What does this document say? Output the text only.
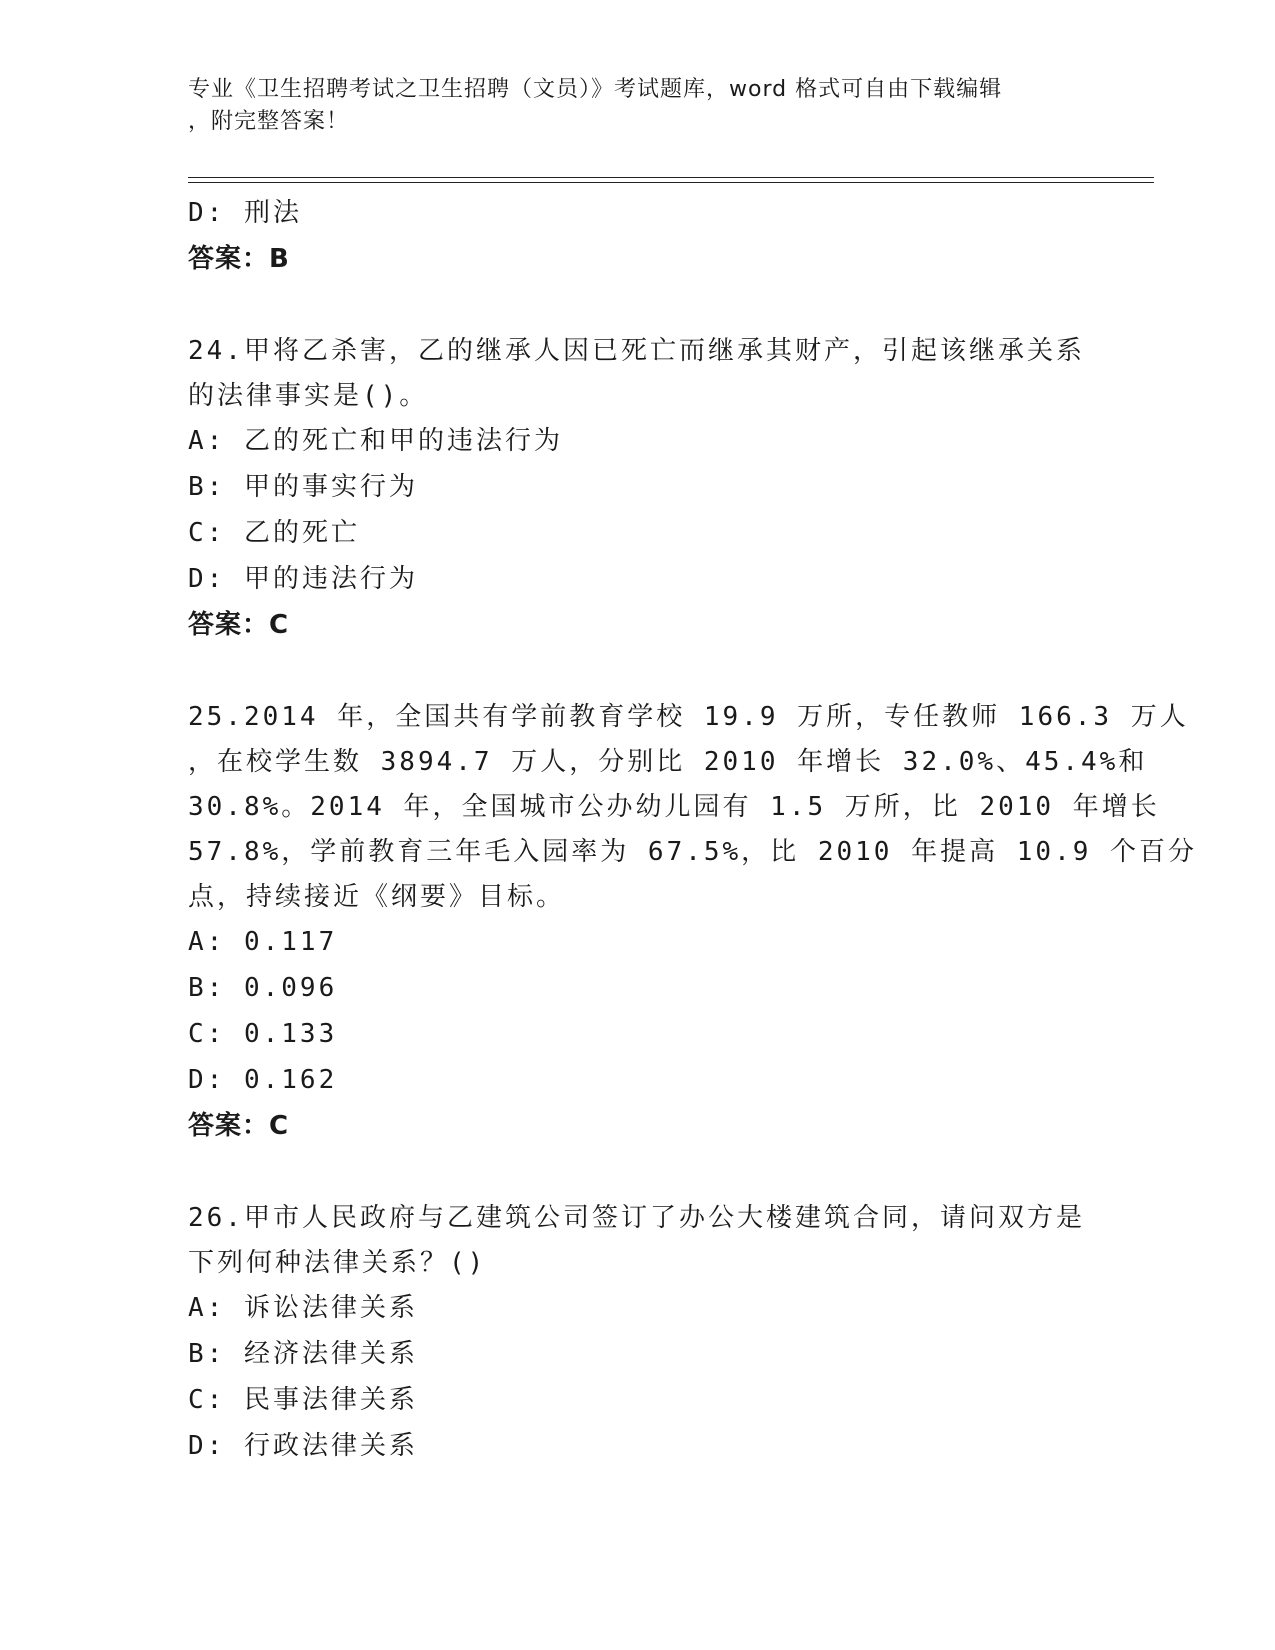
专业《卫生招聘考试之卫生招聘（文员）》考试题库，word 格式可自由下载编辑
，附完整答案！
D: 刑法
答案：B
24.甲将乙杀害，乙的继承人因已死亡而继承其财产，引起该继承关系
的法律事实是()。
A: 乙的死亡和甲的违法行为
B: 甲的事实行为
C: 乙的死亡
D: 甲的违法行为
答案：C
25.2014 年，全国共有学前教育学校 19.9 万所，专任教师 166.3 万人
，在校学生数 3894.7 万人，分别比 2010 年增长 32.0%、45.4%和
30.8%。2014 年，全国城市公办幼儿园有 1.5 万所，比 2010 年增长
57.8%，学前教育三年毛入园率为 67.5%，比 2010 年提高 10.9 个百分
点，持续接近《纲要》目标。
A: 0.117
B: 0.096
C: 0.133
D: 0.162
答案：C
26.甲市人民政府与乙建筑公司签订了办公大楼建筑合同，请问双方是
下列何种法律关系？()
A: 诉讼法律关系
B: 经济法律关系
C: 民事法律关系
D: 行政法律关系
